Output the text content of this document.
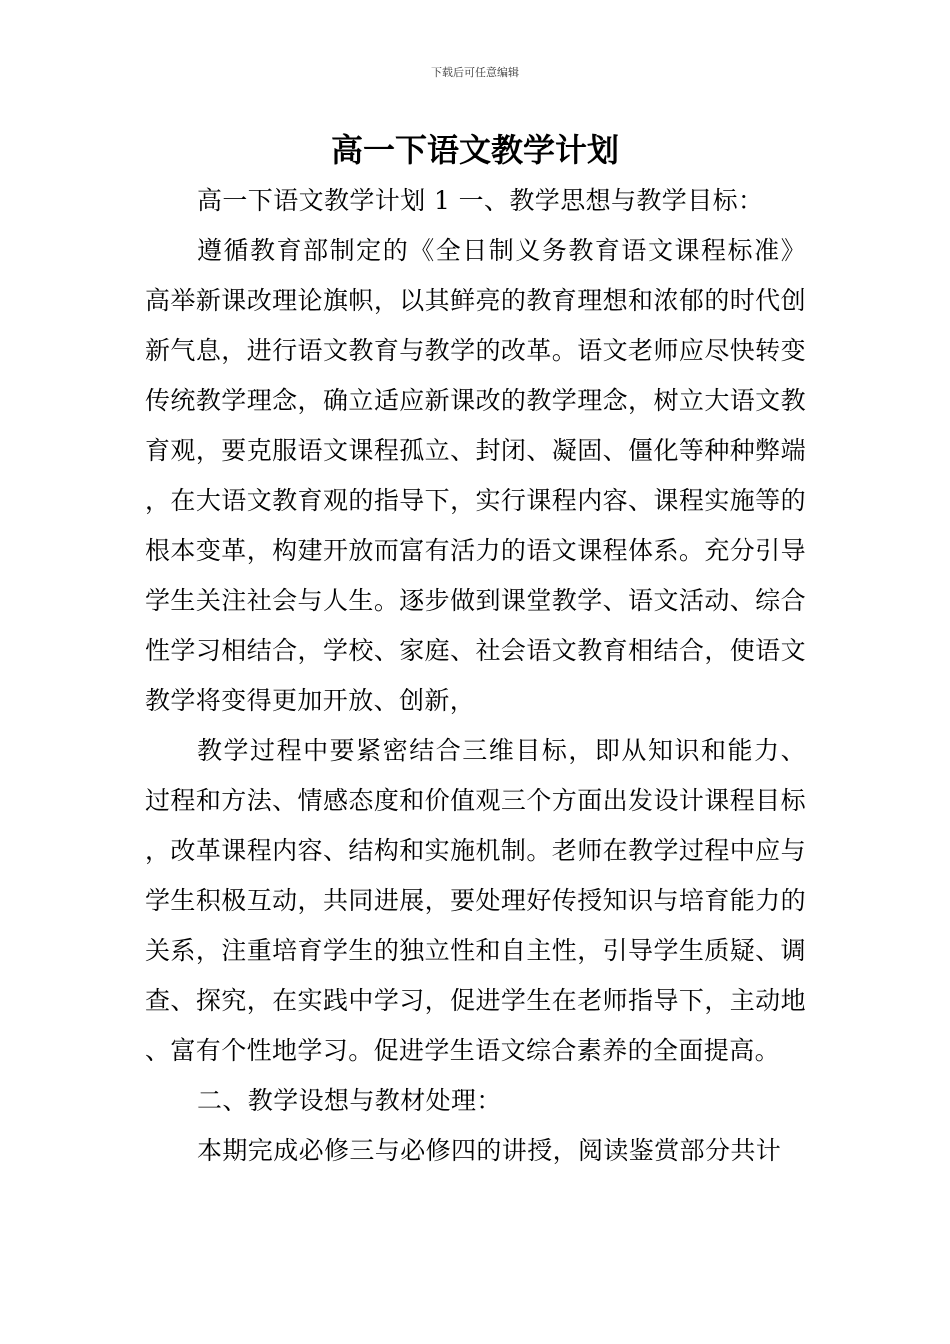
下载后可任意编辑
高一下语文教学计划

高一下语文教学计划 1 一、教学思想与教学目标：

遵循教育部制定的《全日制义务教育语文课程标准》高举新课改理论旗帜，以其鲜亮的教育理想和浓郁的时代创新气息，进行语文教育与教学的改革。语文老师应尽快转变传统教学理念，确立适应新课改的教学理念，树立大语文教育观，要克服语文课程孤立、封闭、凝固、僵化等种种弊端，在大语文教育观的指导下，实行课程内容、课程实施等的根本变革，构建开放而富有活力的语文课程体系。充分引导学生关注社会与人生。逐步做到课堂教学、语文活动、综合性学习相结合，学校、家庭、社会语文教育相结合，使语文教学将变得更加开放、创新，

教学过程中要紧密结合三维目标，即从知识和能力、过程和方法、情感态度和价值观三个方面出发设计课程目标，改革课程内容、结构和实施机制。老师在教学过程中应与学生积极互动，共同进展，要处理好传授知识与培育能力的关系，注重培育学生的独立性和自主性，引导学生质疑、调查、探究，在实践中学习，促进学生在老师指导下，主动地、富有个性地学习。促进学生语文综合素养的全面提高。

二、教学设想与教材处理：

本期完成必修三与必修四的讲授，阅读鉴赏部分共计
